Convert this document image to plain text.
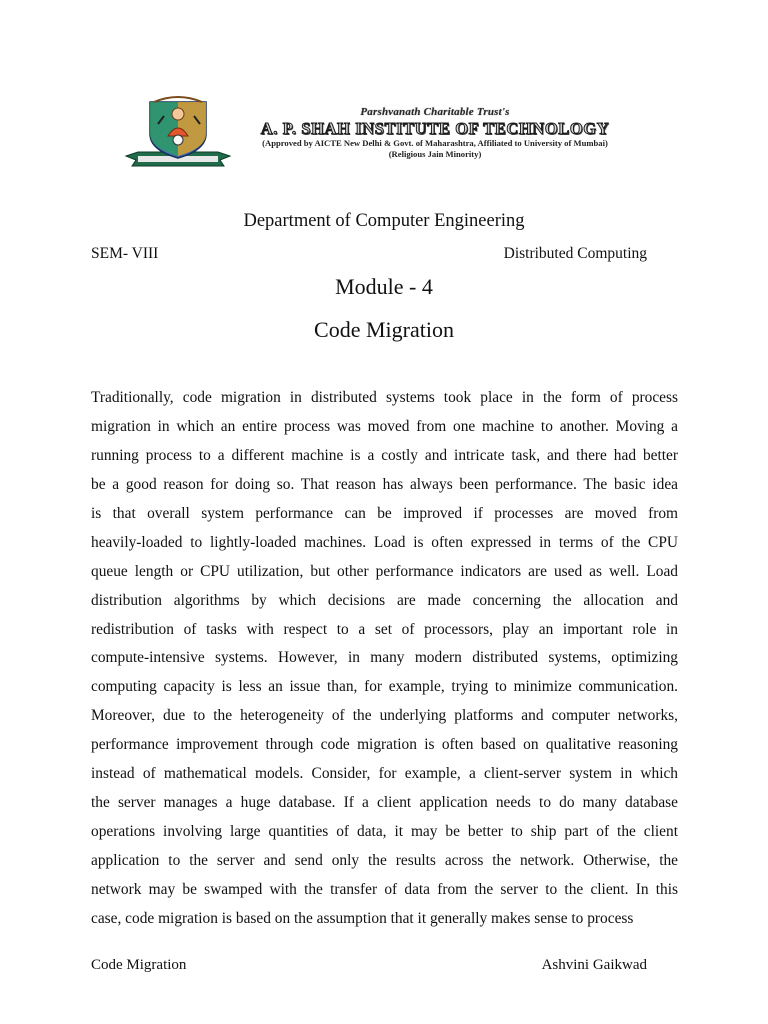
Parshvanath Charitable Trust's
A. P. SHAH INSTITUTE OF TECHNOLOGY
(Approved by AICTE New Delhi & Govt. of Maharashtra, Affiliated to University of Mumbai)
(Religious Jain Minority)
Department of Computer Engineering
SEM- VIII	Distributed Computing
Module - 4
Code Migration
Traditionally, code migration in distributed systems took place in the form of process
migration in which an entire process was moved from one machine to another. Moving a
running process to a different machine is a costly and intricate task, and there had better
be a good reason for doing so. That reason has always been performance. The basic idea
is that overall system performance can be improved if processes are moved from
heavily-loaded to lightly-loaded machines. Load is often expressed in terms of the CPU
queue length or CPU utilization, but other performance indicators are used as well. Load
distribution algorithms by which decisions are made concerning the allocation and
redistribution of tasks with respect to a set of processors, play an important role in
compute-intensive systems. However, in many modern distributed systems, optimizing
computing capacity is less an issue than, for example, trying to minimize communication.
Moreover, due to the heterogeneity of the underlying platforms and computer networks,
performance improvement through code migration is often based on qualitative reasoning
instead of mathematical models. Consider, for example, a client-server system in which
the server manages a huge database. If a client application needs to do many database
operations involving large quantities of data, it may be better to ship part of the client
application to the server and send only the results across the network. Otherwise, the
network may be swamped with the transfer of data from the server to the client. In this
case, code migration is based on the assumption that it generally makes sense to process
Code Migration	Ashvini Gaikwad
